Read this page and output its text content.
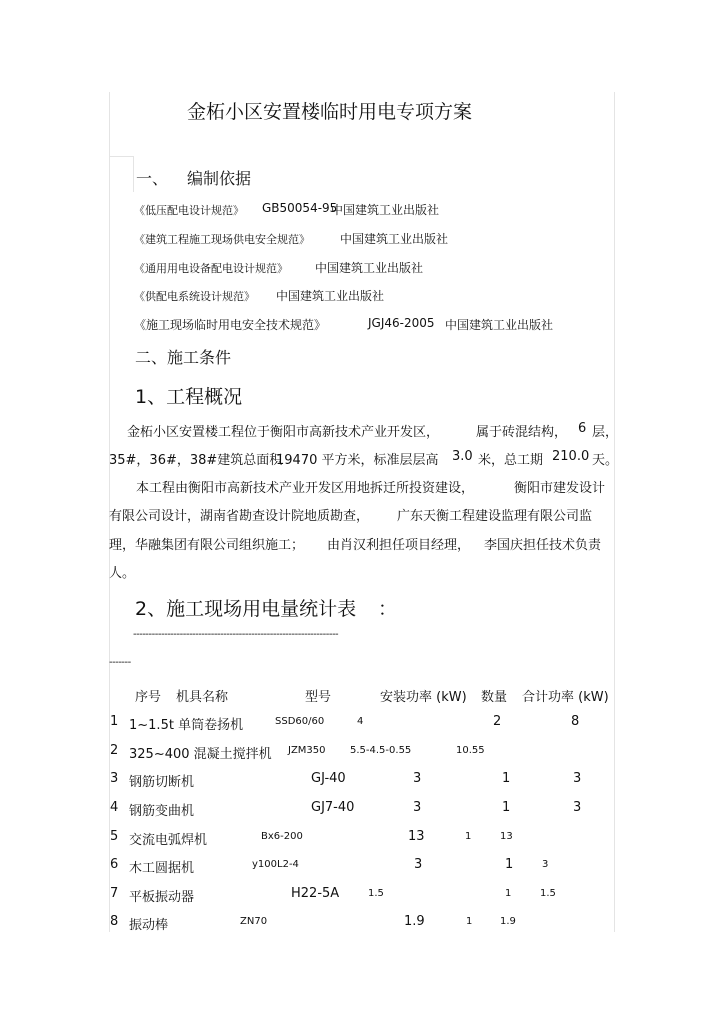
金柘小区安置楼临时用电专项方案
一、 编制依据
《低压配电设计规范》 GB50054-95
中国建筑工业出版社
《建筑工程施工现场供电安全规范》	中国建筑工业出版社
《通用用电设备配电设计规范》 中国建筑工业出版社
《供配电系统设计规范》 中国建筑工业出版社
《施工现场临时用电安全技术规范》	JGJ46-2005 中国建筑工业出版社
二、施工条件
1、工程概况
金柘小区安置楼工程位于衡阳市高新技术产业开发区，	属于砖混结构， 6 层，
35#，36#，38#建筑总面积
19470 平方米，标准层层高 3.0 米，总工期 210.0 天。
本工程由衡阳市高新技术产业开发区用地拆迁所投资建设，	衡阳市建发设计
有限公司设计，湖南省勘查设计院地质勘查， 广东天衡工程建设监理有限公司监
理，华融集团有限公司组织施工； 由肖汉利担任项目经理， 李国庆担任技术负责
人。
2、施工现场用电量统计表 ：
------------------------------------------------------------------
-------
序号 机具名称	型号	安装功率 (kW) 数量 合计功率 (kW)
1 1~1.5t 单筒卷扬机	SSD60/60	4	2	8
2 325~400 混凝土搅拌机 JZM350 5.5-4.5-0.55	10.55
3 钢筋切断机	GJ-40	3	1	3
4 钢筋变曲机	GJ7-40	3	1	3
5 交流电弧焊机	Bx6-200	13	1	13
6 木工圆据机	y100L2-4	3	1	3
7 平板振动器	H22-5A	1.5	1	1.5
8 振动棒	ZN70	1.9	1	1.9
